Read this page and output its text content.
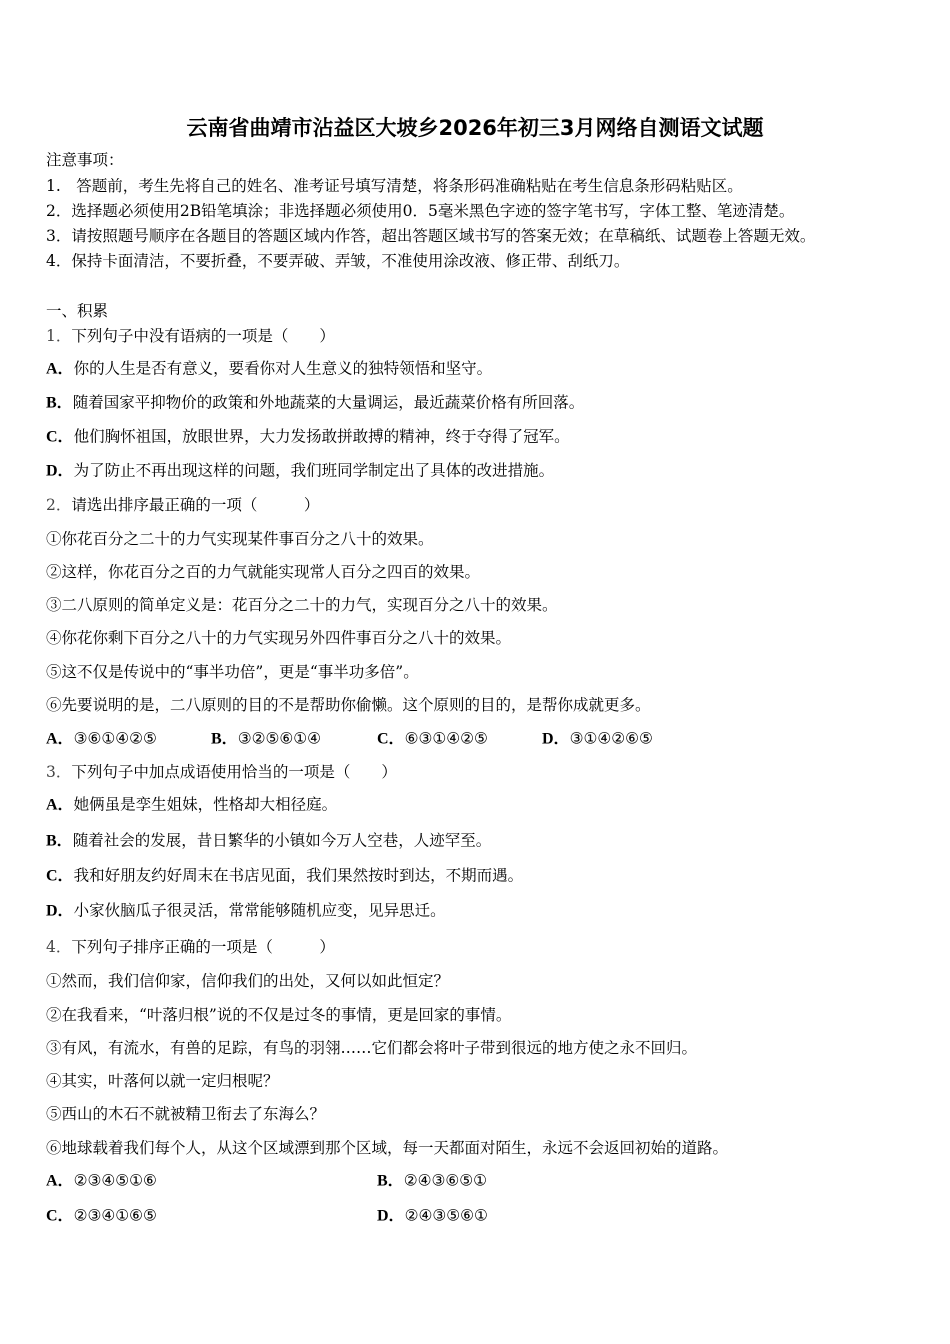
云南省曲靖市沾益区大坡乡2026年初三3月网络自测语文试题
注意事项：
1.　答题前，考生先将自己的姓名、准考证号填写清楚，将条形码准确粘贴在考生信息条形码粘贴区。
2．选择题必须使用2B铅笔填涂；非选择题必须使用0．5毫米黑色字迹的签字笔书写，字体工整、笔迹清楚。
3．请按照题号顺序在各题目的答题区域内作答，超出答题区域书写的答案无效；在草稿纸、试题卷上答题无效。
4．保持卡面清洁，不要折叠，不要弄破、弄皱，不准使用涂改液、修正带、刮纸刀。
一、积累
1．下列句子中没有语病的一项是（　　）
A．你的人生是否有意义，要看你对人生意义的独特领悟和坚守。
B．随着国家平抑物价的政策和外地蔬菜的大量调运，最近蔬菜价格有所回落。
C．他们胸怀祖国，放眼世界，大力发扬敢拼敢搏的精神，终于夺得了冠军。
D．为了防止不再出现这样的问题，我们班同学制定出了具体的改进措施。
2．请选出排序最正确的一项（　　　）
①你花百分之二十的力气实现某件事百分之八十的效果。
②这样，你花百分之百的力气就能实现常人百分之四百的效果。
③二八原则的简单定义是：花百分之二十的力气，实现百分之八十的效果。
④你花你剩下百分之八十的力气实现另外四件事百分之八十的效果。
⑤这不仅是传说中的“事半功倍”，更是“事半功多倍”。
⑥先要说明的是，二八原则的目的不是帮助你偷懒。这个原则的目的，是帮你成就更多。
A．③⑥①④②⑤	B．③②⑤⑥①④	C．⑥③①④②⑤	D．③①④②⑥⑤
3．下列句子中加点成语使用恰当的一项是（　　）
A．她俩虽是孪生姐妹，性格却大相径庭。
B．随着社会的发展，昔日繁华的小镇如今万人空巷，人迹罕至。
C．我和好朋友约好周末在书店见面，我们果然按时到达，不期而遇。
D．小家伙脑瓜子很灵活，常常能够随机应变，见异思迁。
4．下列句子排序正确的一项是（　　　）
①然而，我们信仰家，信仰我们的出处，又何以如此恒定？
②在我看来，“叶落归根”说的不仅是过冬的事情，更是回家的事情。
③有风，有流水，有兽的足踪，有鸟的羽翎……它们都会将叶子带到很远的地方使之永不回归。
④其实，叶落何以就一定归根呢？
⑤西山的木石不就被精卫衔去了东海么？
⑥地球载着我们每个人，从这个区域漂到那个区域，每一天都面对陌生，永远不会返回初始的道路。
A．②③④⑤①⑥	B．②④③⑥⑤①
C．②③④①⑥⑤	D．②④③⑤⑥①
